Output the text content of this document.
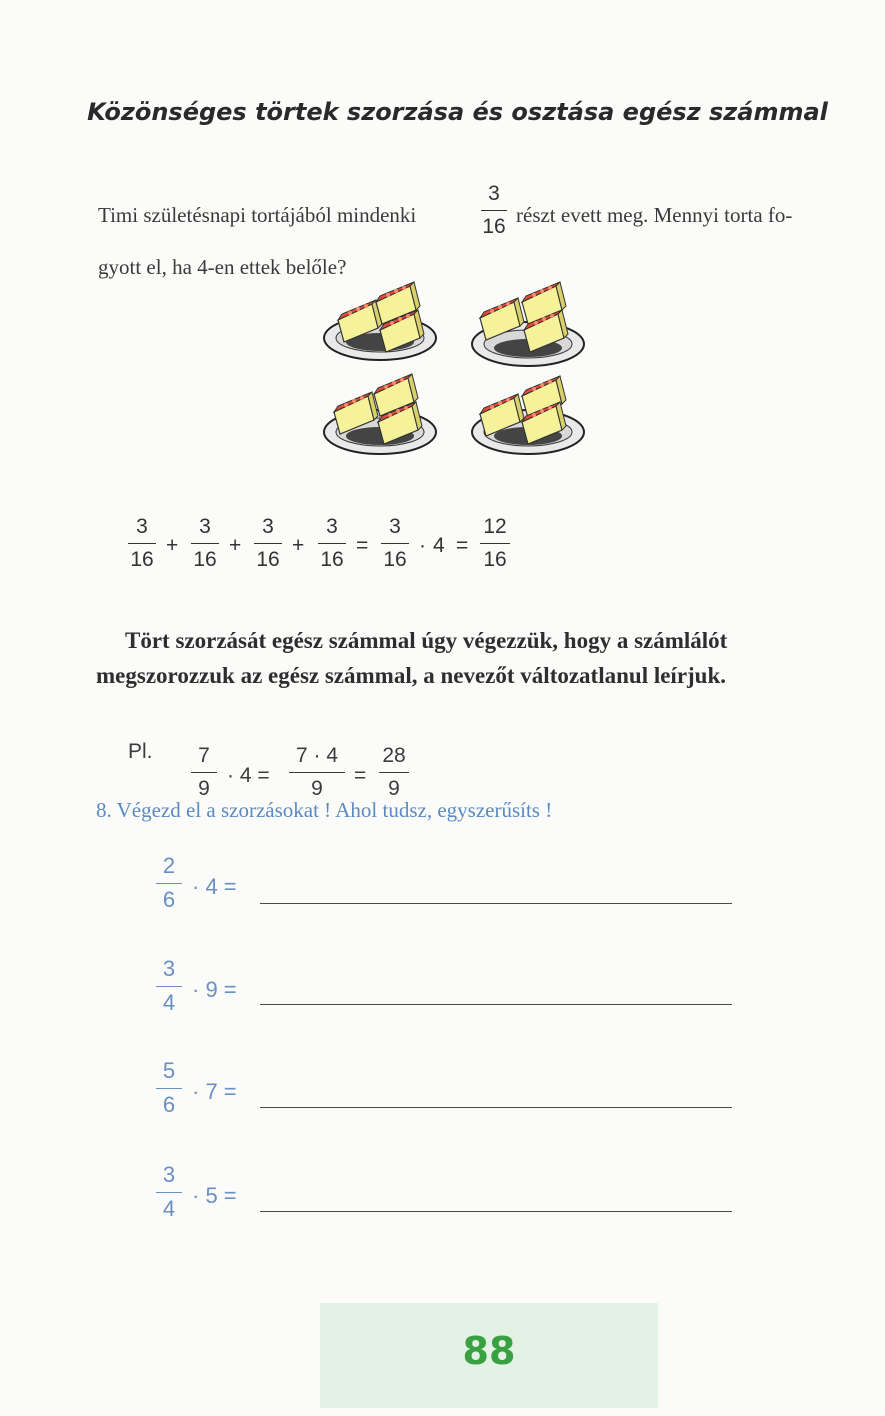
Közönséges törtek szorzása és osztása egész számmal
Timi születésnapi tortájából mindenki
3
16 részt evett meg. Mennyi torta fo-
gyott el, ha 4-en ettek belőle?
3
16
+
3
16
+
3
16
+
3
16
=
3
16
· 4 =
12
16
Tört szorzását egész számmal úgy végezzük, hogy a számlálót
megszorozzuk az egész számmal, a nevezőt változatlanul leírjuk.
Pl. 7
9
· 4 =
7 · 4
9
=
28
9
8. Végezd el a szorzásokat ! Ahol tudsz, egyszerűsíts !
2
6
· 4 =
3
4
· 9 =
5
6
· 7 =
3
4
· 5 =
88
